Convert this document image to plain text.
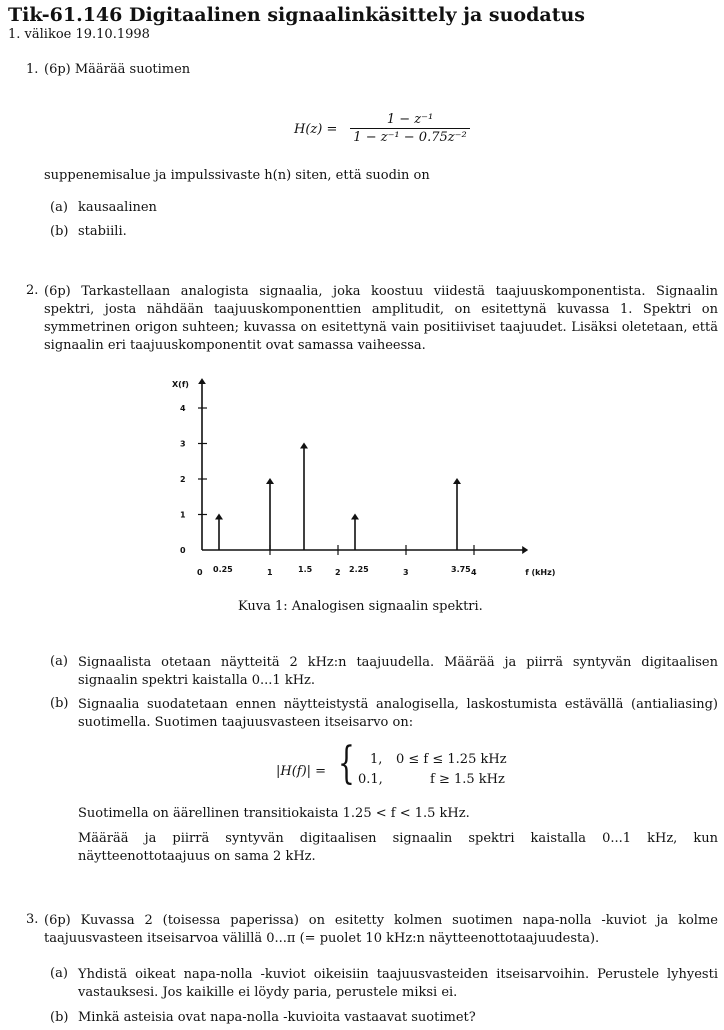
Tik-61.146 Digitaalinen signaalinkäsittely ja suodatus
1. välikoe 19.10.1998
1. (6p) Määrää suotimen
H(z) =
1 − z⁻¹
1 − z⁻¹ − 0.75z⁻²
suppenemisalue ja impulssivaste h(n) siten, että suodin on
(a) kausaalinen
(b) stabiili.
2. (6p) Tarkastellaan analogista signaalia, joka koostuu viidestä taajuuskomponentista. Signaalin spektri, josta nähdään taajuuskomponenttien amplitudit, on esitettynä kuvassa 1. Spektri on symmetrinen origon suhteen; kuvassa on esitettynä vain positiiviset taajuudet. Lisäksi oletetaan, että signaalin eri taajuuskomponentit ovat samassa vaiheessa.
0
1
2
3
4
0 0.25	1	1.5	2 2.25	3	3.75 4
X(f)
f (kHz)
Kuva 1: Analogisen signaalin spektri.
(a) Signaalista otetaan näytteitä 2 kHz:n taajuudella. Määrää ja piirrä syntyvän digitaalisen signaalin spektri kaistalla 0...1 kHz.
(b) Signaalia suodatetaan ennen näytteistystä analogisella, laskostumista estävällä (antialiasing) suotimella. Suotimen taajuusvasteen itseisarvo on:
|H(f)| = { 1, 0 ≤ f ≤ 1.25 kHz
0.1,	f ≥ 1.5 kHz
Suotimella on äärellinen transitiokaista 1.25 < f < 1.5 kHz.
Määrää ja piirrä syntyvän digitaalisen signaalin spektri kaistalla 0...1 kHz, kun näytteenottotaajuus on sama 2 kHz.
3. (6p) Kuvassa 2 (toisessa paperissa) on esitetty kolmen suotimen napa-nolla -kuviot ja kolme taajuusvasteen itseisarvoa välillä 0...π (= puolet 10 kHz:n näytteenottotaajuudesta).
(a) Yhdistä oikeat napa-nolla -kuviot oikeisiin taajuusvasteiden itseisarvoihin. Perustele lyhyesti vastauksesi. Jos kaikille ei löydy paria, perustele miksi ei.
(b) Minkä asteisia ovat napa-nolla -kuvioita vastaavat suotimet?
